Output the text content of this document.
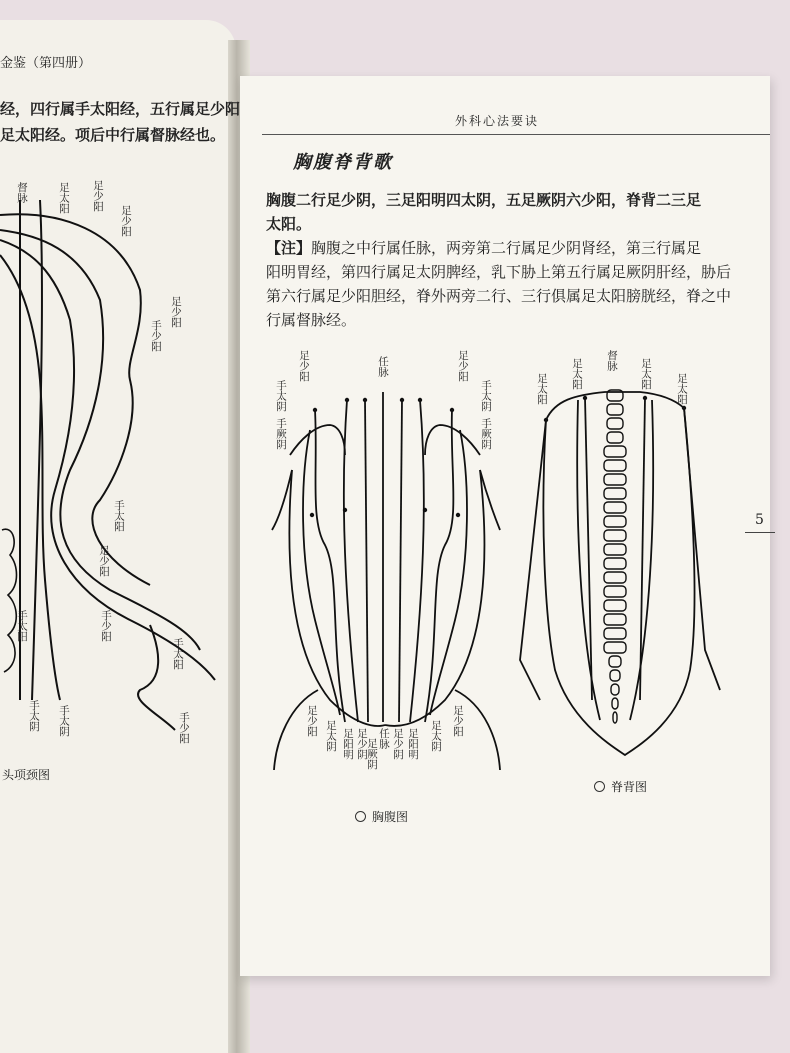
金鉴（第四册）
经，四行属手太阳经，五行属足少阳
足太阳经。项后中行属督脉经也。
督脉	足太阳 足少阳
足少阳
足少阳
手少阳
手太阳
足少阳
手太阳
手太阴 手太阴	手少阳
手太阳	手少阳
头项颈图
外科心法要诀
胸腹脊背歌
胸腹二行足少阴，三足阳明四太阴，五足厥阴六少阳，脊背二三足
太阳。
【注】胸腹之中行属任脉，两旁第二行属足少阴肾经，第三行属足
阳明胃经，第四行属足太阴脾经，乳下胁上第五行属足厥阴肝经，胁后
第六行属足少阳胆经，脊外两旁二行、三行俱属足太阳膀胱经，脊之中
行属督脉经。
5
足少阳
手太阴
手厥阴
任脉	足少阳
手太阴
手厥阴
足少阳 足太阴 足阳明 足少阴 任脉
足厥阴 足少阴 足阳明 足太阴 足少阳
胸腹图
督脉
足太阳	足太阳
足太阳	足太阳
脊背图
